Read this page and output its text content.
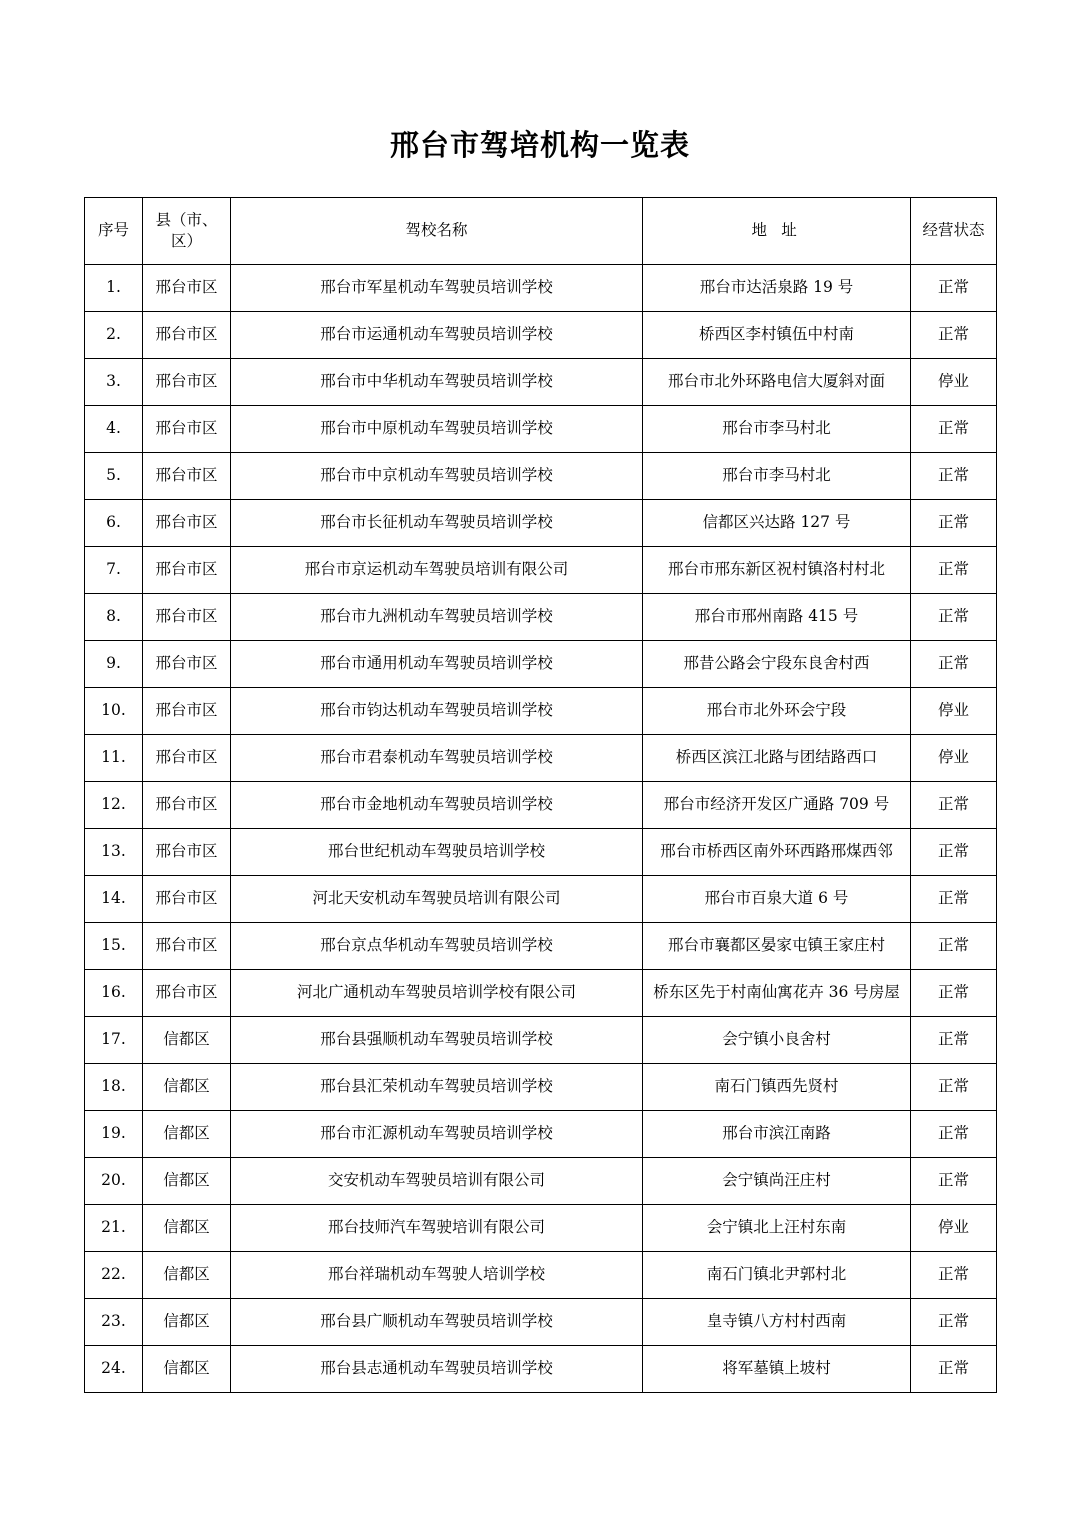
邢台市驾培机构一览表
序号	县（市、
区）	驾校名称	地 址	经营状态
1.	邢台市区	邢台市军星机动车驾驶员培训学校	邢台市达活泉路 19 号	正常
2.	邢台市区	邢台市运通机动车驾驶员培训学校	桥西区李村镇伍中村南	正常
3.	邢台市区	邢台市中华机动车驾驶员培训学校	邢台市北外环路电信大厦斜对面	停业
4.	邢台市区	邢台市中原机动车驾驶员培训学校	邢台市李马村北	正常
5.	邢台市区	邢台市中京机动车驾驶员培训学校	邢台市李马村北	正常
6.	邢台市区	邢台市长征机动车驾驶员培训学校	信都区兴达路 127 号	正常
7.	邢台市区	邢台市京运机动车驾驶员培训有限公司	邢台市邢东新区祝村镇洛村村北	正常
8.	邢台市区	邢台市九洲机动车驾驶员培训学校	邢台市邢州南路 415 号	正常
9.	邢台市区	邢台市通用机动车驾驶员培训学校	邢昔公路会宁段东良舍村西	正常
10.	邢台市区	邢台市钧达机动车驾驶员培训学校	邢台市北外环会宁段	停业
11.	邢台市区	邢台市君泰机动车驾驶员培训学校	桥西区滨江北路与团结路西口	停业
12.	邢台市区	邢台市金地机动车驾驶员培训学校	邢台市经济开发区广通路 709 号	正常
13.	邢台市区	邢台世纪机动车驾驶员培训学校	邢台市桥西区南外环西路邢煤西邻	正常
14.	邢台市区	河北天安机动车驾驶员培训有限公司	邢台市百泉大道 6 号	正常
15.	邢台市区	邢台京点华机动车驾驶员培训学校	邢台市襄都区晏家屯镇王家庄村	正常
16.	邢台市区	河北广通机动车驾驶员培训学校有限公司	桥东区先于村南仙寓花卉 36 号房屋	正常
17.	信都区	邢台县强顺机动车驾驶员培训学校	会宁镇小良舍村	正常
18.	信都区	邢台县汇荣机动车驾驶员培训学校	南石门镇西先贤村	正常
19.	信都区	邢台市汇源机动车驾驶员培训学校	邢台市滨江南路	正常
20.	信都区	交安机动车驾驶员培训有限公司	会宁镇尚汪庄村	正常
21.	信都区	邢台技师汽车驾驶培训有限公司	会宁镇北上汪村东南	停业
22.	信都区	邢台祥瑞机动车驾驶人培训学校	南石门镇北尹郭村北	正常
23.	信都区	邢台县广顺机动车驾驶员培训学校	皇寺镇八方村村西南	正常
24.	信都区	邢台县志通机动车驾驶员培训学校	将军墓镇上坡村	正常
